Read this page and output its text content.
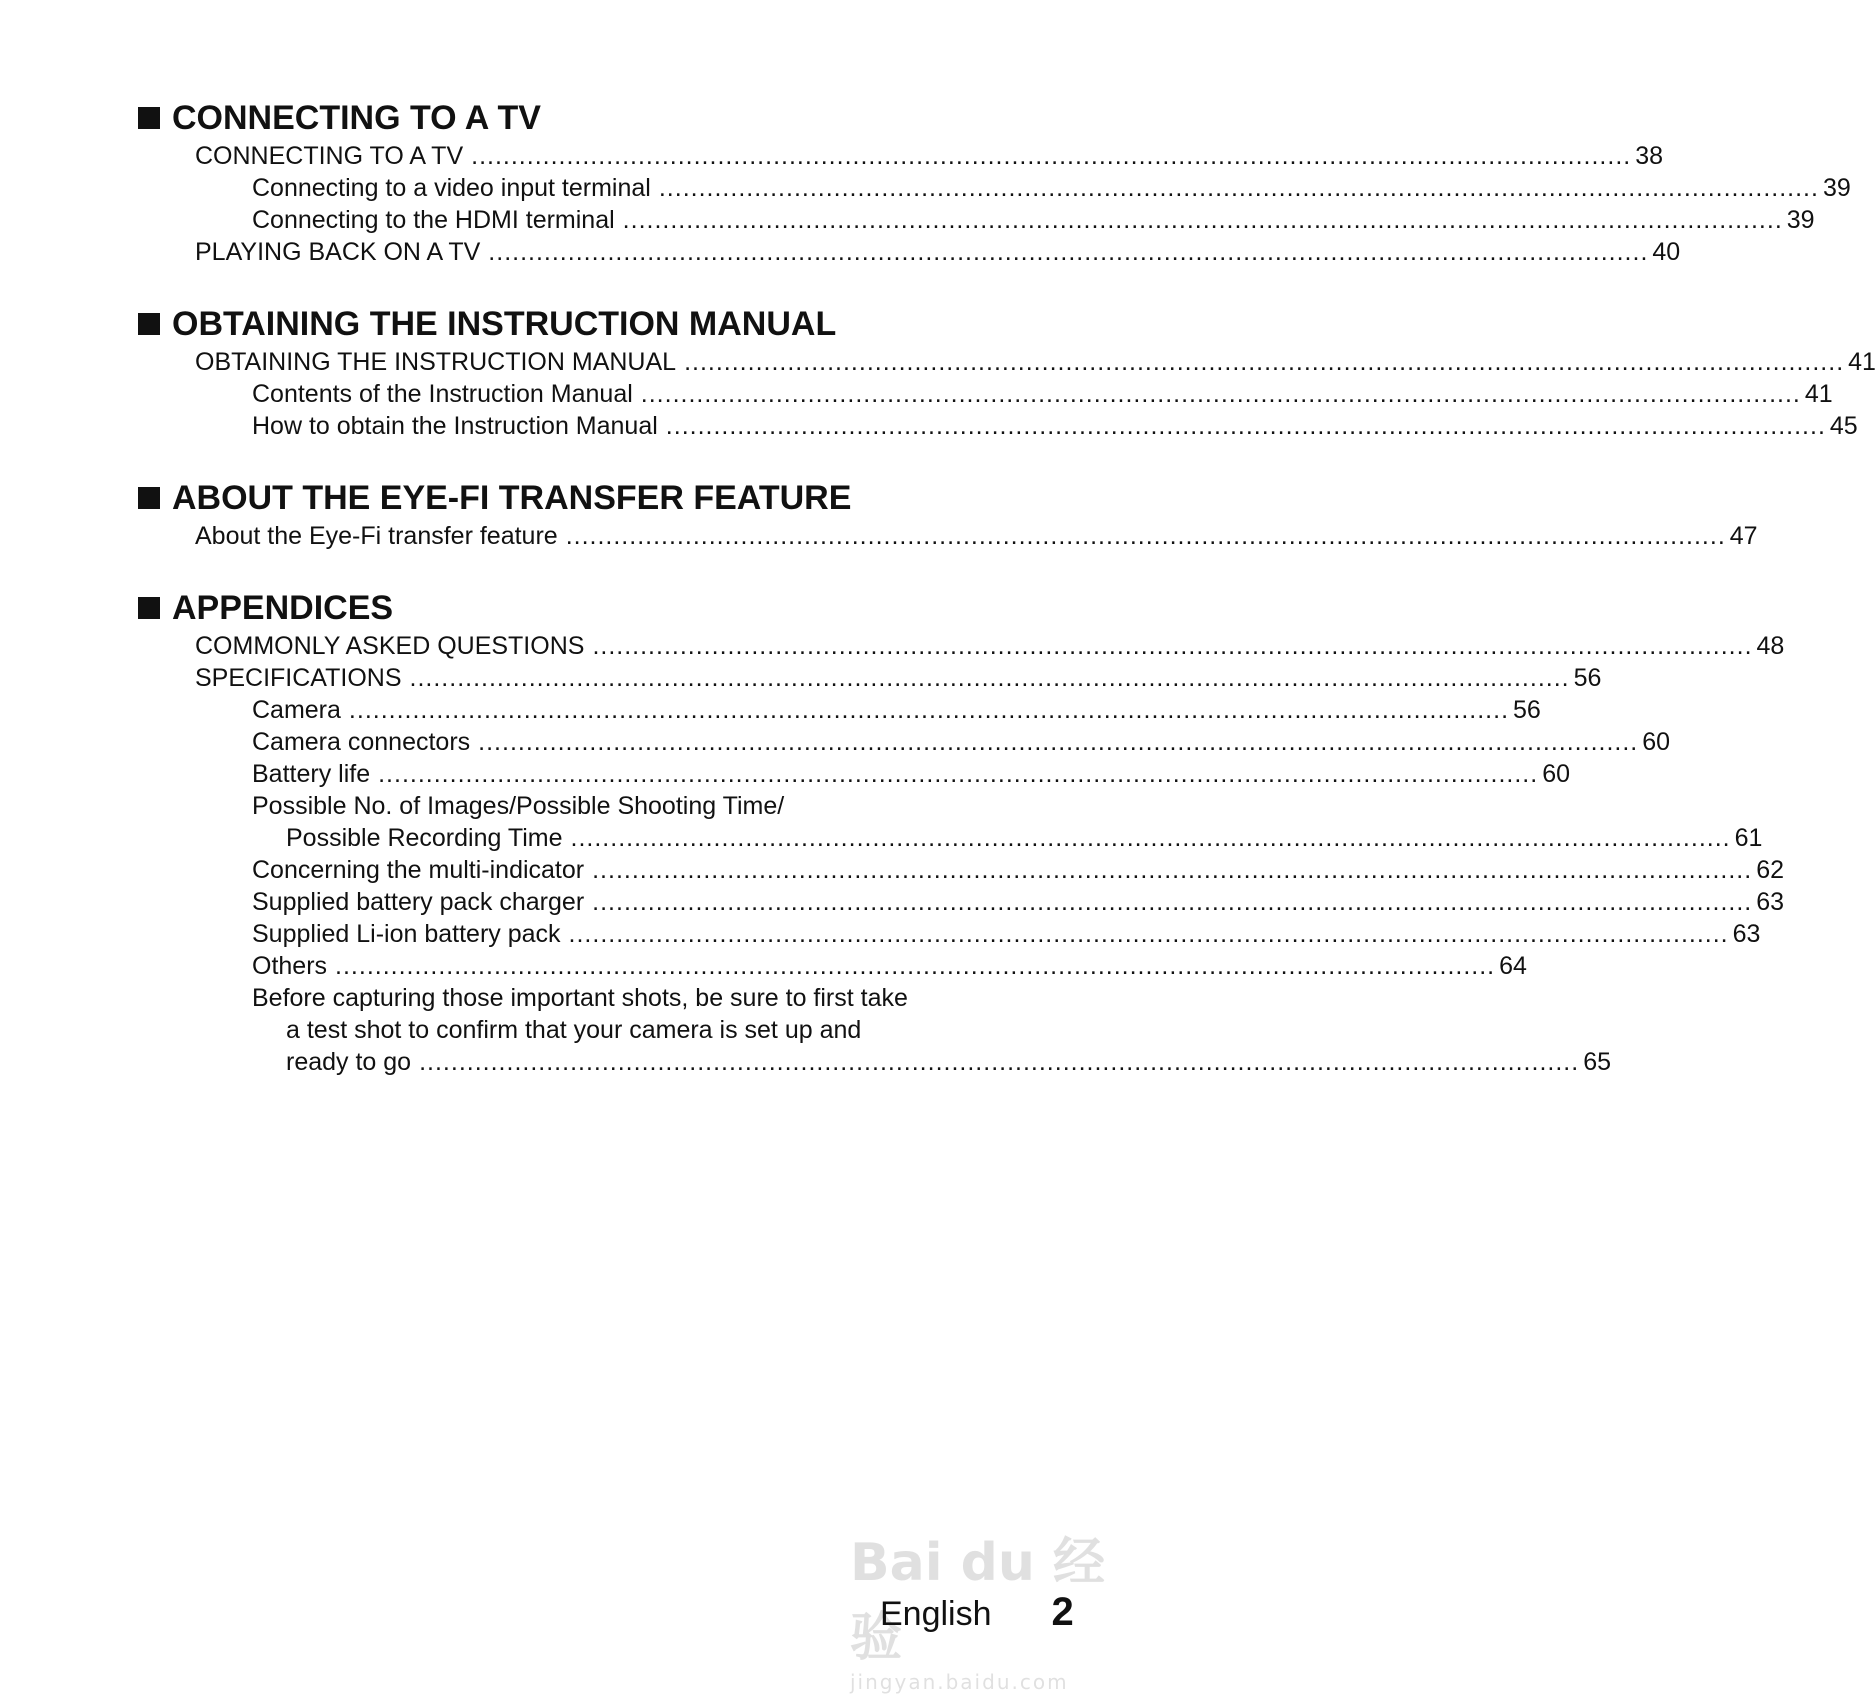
CONNECTING TO A TV
CONNECTING TO A TV .................................................................................................................................................. 38
Connecting to a video input terminal .................................................................................................................................................. 39
Connecting to the HDMI terminal .................................................................................................................................................. 39
PLAYING BACK ON A TV .................................................................................................................................................. 40
OBTAINING THE INSTRUCTION MANUAL
OBTAINING THE INSTRUCTION MANUAL .................................................................................................................................................. 41
Contents of the Instruction Manual .................................................................................................................................................. 41
How to obtain the Instruction Manual .................................................................................................................................................. 45
ABOUT THE EYE-FI TRANSFER FEATURE
About the Eye-Fi transfer feature .................................................................................................................................................. 47
APPENDICES
COMMONLY ASKED QUESTIONS .................................................................................................................................................. 48
SPECIFICATIONS .................................................................................................................................................. 56
Camera .................................................................................................................................................. 56
Camera connectors .................................................................................................................................................. 60
Battery life .................................................................................................................................................. 60
Possible No. of Images/Possible Shooting Time/
Possible Recording Time .................................................................................................................................................. 61
Concerning the multi-indicator .................................................................................................................................................. 62
Supplied battery pack charger .................................................................................................................................................. 63
Supplied Li-ion battery pack .................................................................................................................................................. 63
Others .................................................................................................................................................. 64
Before capturing those important shots, be sure to first take
a test shot to confirm that your camera is set up and
ready to go .................................................................................................................................................. 65
Bai du 经验
jingyan.baidu.com
English 2
